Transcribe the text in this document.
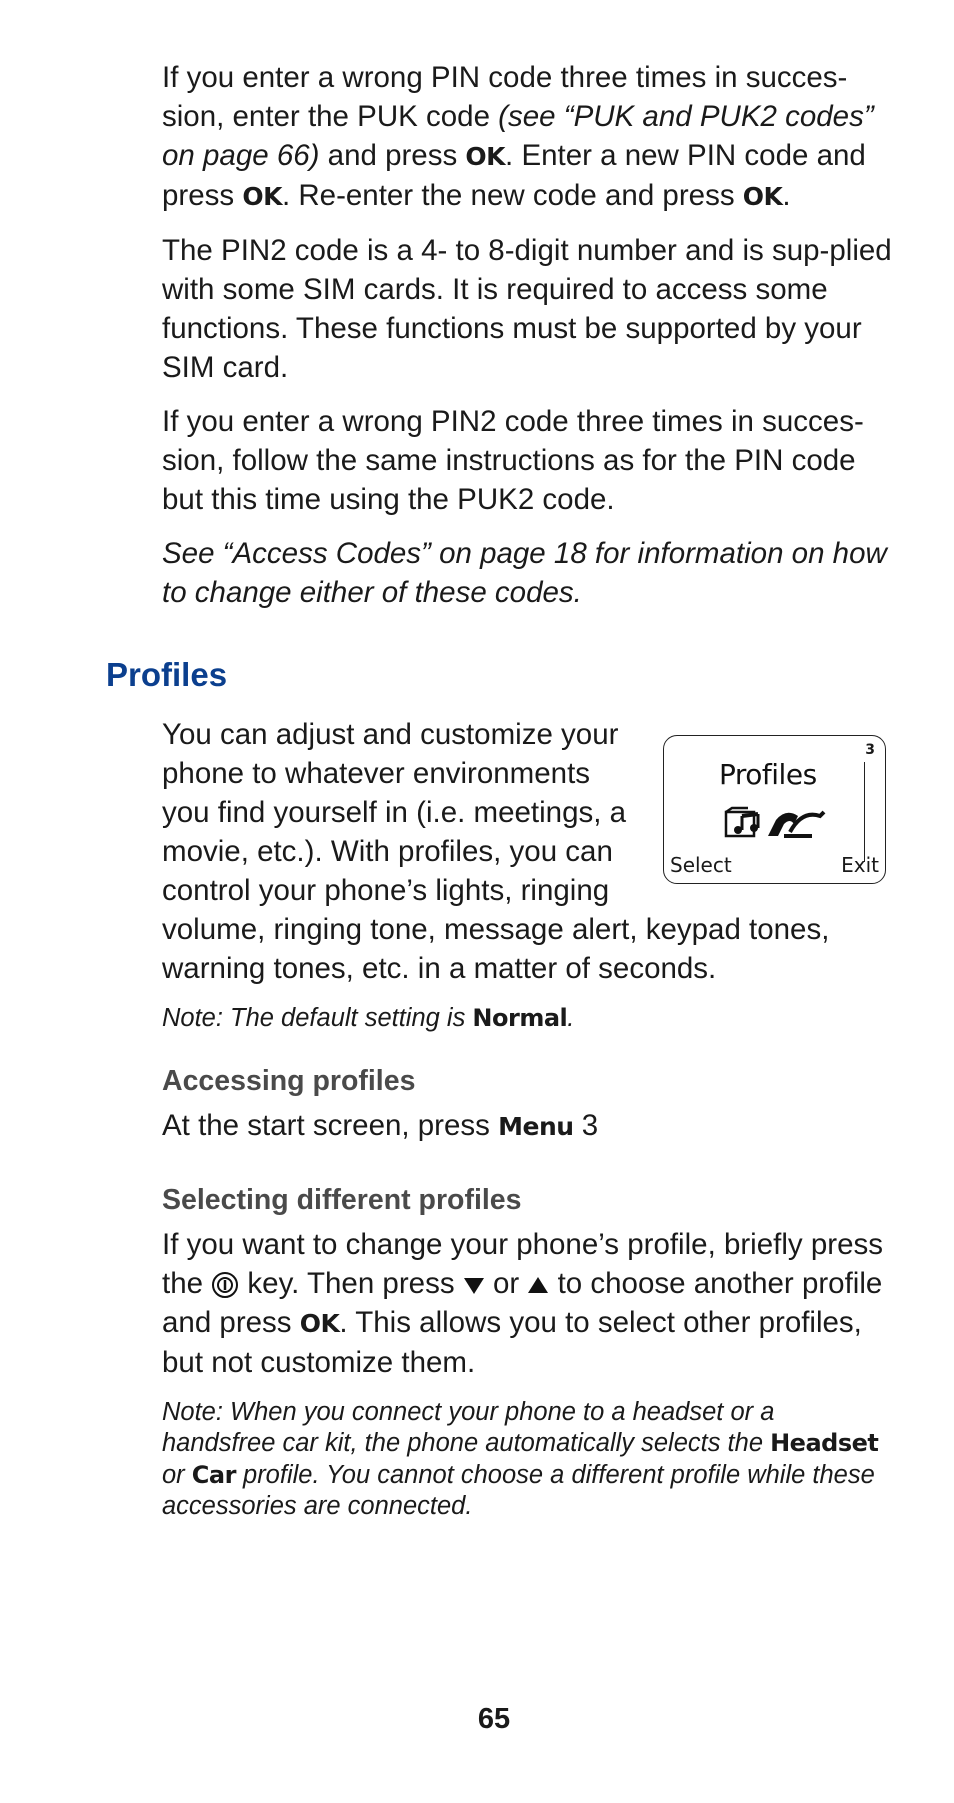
If you enter a wrong PIN code three times in succes-sion, enter the PUK code (see “PUK and PUK2 codes” on page 66) and press OK. Enter a new PIN code and press OK. Re-enter the new code and press OK.

The PIN2 code is a 4- to 8-digit number and is sup-plied with some SIM cards. It is required to access some functions. These functions must be supported by your SIM card.

If you enter a wrong PIN2 code three times in succes-sion, follow the same instructions as for the PIN code but this time using the PUK2 code.

See “Access Codes” on page 18 for information on how to change either of these codes.

Profiles
3
Profiles
Select	Exit

You can adjust and customize your phone to whatever environments you find yourself in (i.e. meetings, a movie, etc.). With profiles, you can control your phone’s lights, ringing volume, ringing tone, message alert, keypad tones, warning tones, etc. in a matter of seconds.

Note: The default setting is Normal.

Accessing profiles

At the start screen, press Menu 3

Selecting different profiles

If you want to change your phone’s profile, briefly press the  key. Then press  or  to choose another profile and press OK. This allows you to select other profiles, but not customize them.

Note: When you connect your phone to a headset or a handsfree car kit, the phone automatically selects the Headset or Car profile. You cannot choose a different profile while these accessories are connected.

65
